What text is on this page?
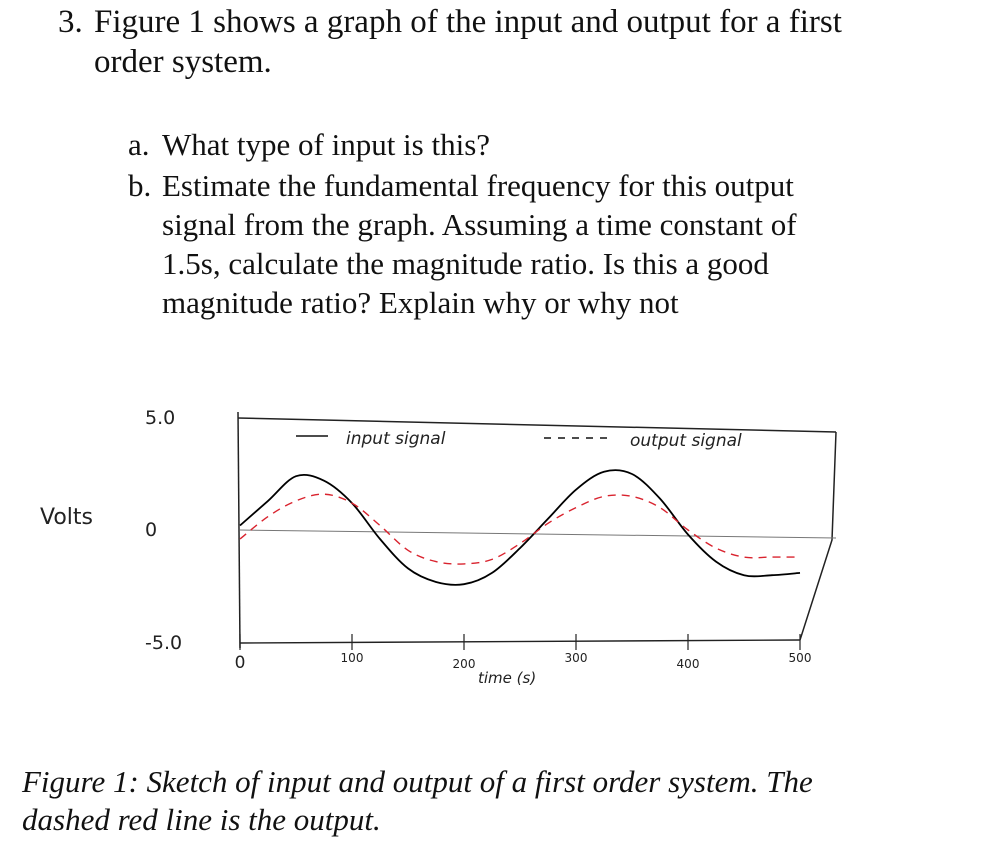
3. Figure 1 shows a graph of the input and output for a first
order system.
a. What type of input is this?
b. Estimate the fundamental frequency for this output
signal from the graph. Assuming a time constant of
1.5s, calculate the magnitude ratio. Is this a good
magnitude ratio? Explain why or why not
input signal	output signal
Volts
time (s)
5.0
0
-5.0
0	100	200	300	400	500
Figure 1: Sketch of input and output of a first order system. The
dashed red line is the output.
